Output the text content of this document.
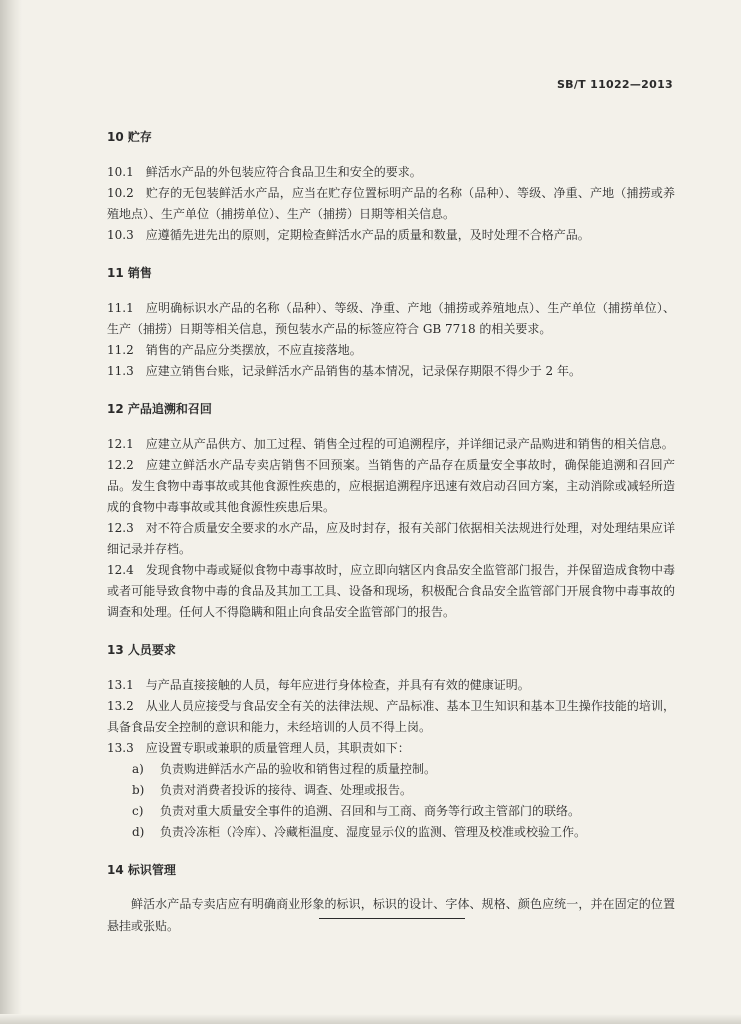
SB/T 11022—2013
10 贮存
10.1 鲜活水产品的外包装应符合食品卫生和安全的要求。
10.2 贮存的无包装鲜活水产品，应当在贮存位置标明产品的名称（品种）、等级、净重、产地（捕捞或养殖地点）、生产单位（捕捞单位）、生产（捕捞）日期等相关信息。
10.3 应遵循先进先出的原则，定期检查鲜活水产品的质量和数量，及时处理不合格产品。
11 销售
11.1 应明确标识水产品的名称（品种）、等级、净重、产地（捕捞或养殖地点）、生产单位（捕捞单位）、生产（捕捞）日期等相关信息，预包装水产品的标签应符合 GB 7718 的相关要求。
11.2 销售的产品应分类摆放，不应直接落地。
11.3 应建立销售台账，记录鲜活水产品销售的基本情况，记录保存期限不得少于 2 年。
12 产品追溯和召回
12.1 应建立从产品供方、加工过程、销售全过程的可追溯程序，并详细记录产品购进和销售的相关信息。
12.2 应建立鲜活水产品专卖店销售不回预案。当销售的产品存在质量安全事故时，确保能追溯和召回产品。发生食物中毒事故或其他食源性疾患的，应根据追溯程序迅速有效启动召回方案，主动消除或减轻所造成的食物中毒事故或其他食源性疾患后果。
12.3 对不符合质量安全要求的水产品，应及时封存，报有关部门依据相关法规进行处理，对处理结果应详细记录并存档。
12.4 发现食物中毒或疑似食物中毒事故时，应立即向辖区内食品安全监管部门报告，并保留造成食物中毒或者可能导致食物中毒的食品及其加工工具、设备和现场，积极配合食品安全监管部门开展食物中毒事故的调查和处理。任何人不得隐瞒和阻止向食品安全监管部门的报告。
13 人员要求
13.1 与产品直接接触的人员，每年应进行身体检查，并具有有效的健康证明。
13.2 从业人员应接受与食品安全有关的法律法规、产品标准、基本卫生知识和基本卫生操作技能的培训，具备食品安全控制的意识和能力，未经培训的人员不得上岗。
13.3 应设置专职或兼职的质量管理人员，其职责如下：
a) 负责购进鲜活水产品的验收和销售过程的质量控制。
b) 负责对消费者投诉的接待、调查、处理或报告。
c) 负责对重大质量安全事件的追溯、召回和与工商、商务等行政主管部门的联络。
d) 负责冷冻柜（冷库）、冷藏柜温度、湿度显示仪的监测、管理及校准或校验工作。
14 标识管理
鲜活水产品专卖店应有明确商业形象的标识，标识的设计、字体、规格、颜色应统一，并在固定的位置悬挂或张贴。
